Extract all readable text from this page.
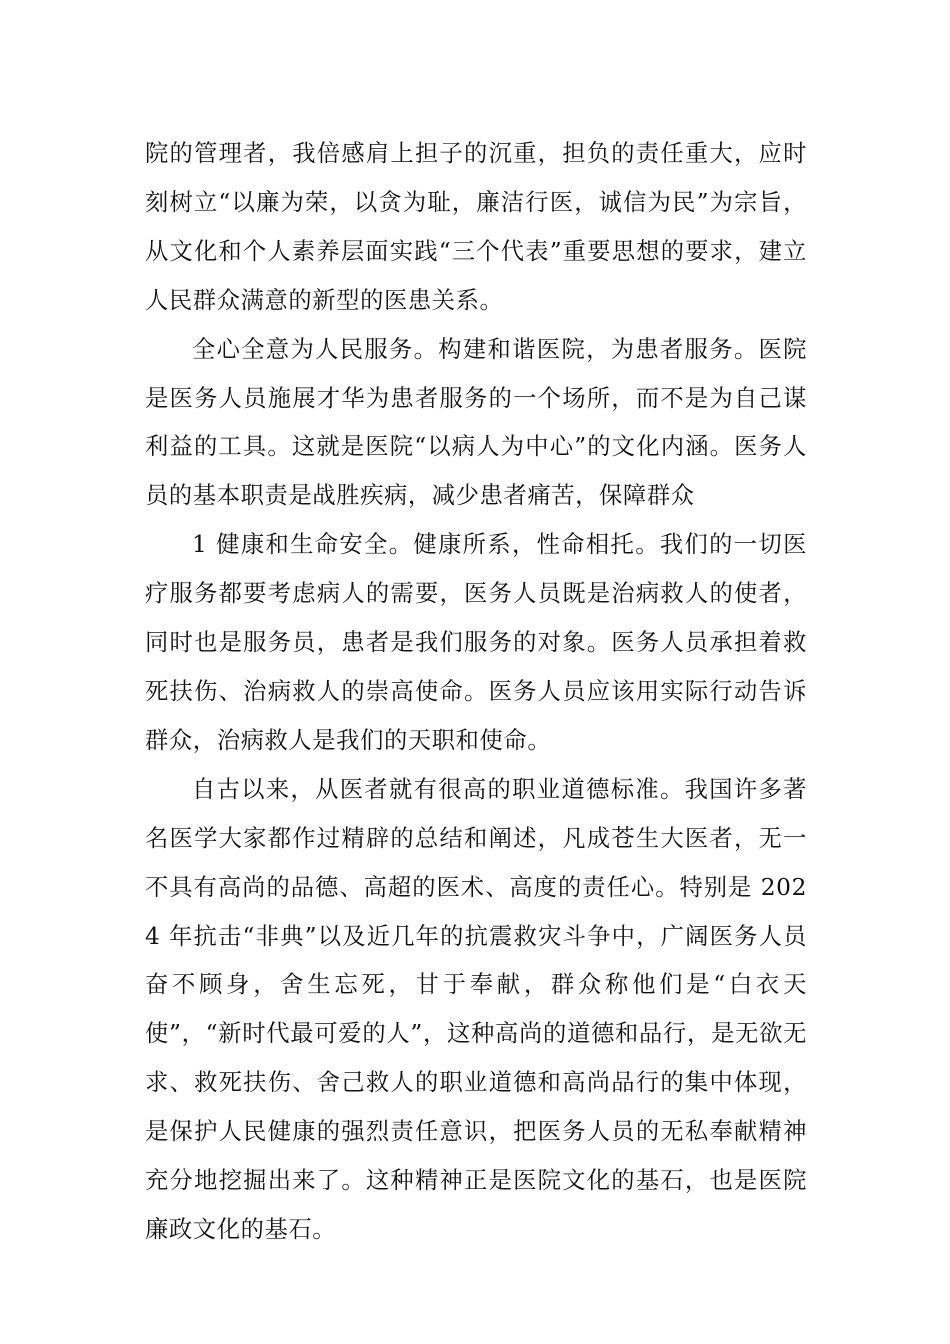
院的管理者，我倍感肩上担子的沉重，担负的责任重大，应时刻树立“以廉为荣，以贪为耻，廉洁行医，诚信为民”为宗旨，从文化和个人素养层面实践“三个代表”重要思想的要求，建立人民群众满意的新型的医患关系。

全心全意为人民服务。构建和谐医院，为患者服务。医院是医务人员施展才华为患者服务的一个场所，而不是为自己谋利益的工具。这就是医院“以病人为中心”的文化内涵。医务人员的基本职责是战胜疾病，减少患者痛苦，保障群众

1 健康和生命安全。健康所系，性命相托。我们的一切医疗服务都要考虑病人的需要，医务人员既是治病救人的使者，同时也是服务员，患者是我们服务的对象。医务人员承担着救死扶伤、治病救人的崇高使命。医务人员应该用实际行动告诉群众，治病救人是我们的天职和使命。

自古以来，从医者就有很高的职业道德标准。我国许多著名医学大家都作过精辟的总结和阐述，凡成苍生大医者，无一不具有高尚的品德、高超的医术、高度的责任心。特别是 2024 年抗击“非典”以及近几年的抗震救灾斗争中，广阔医务人员奋不顾身，舍生忘死，甘于奉献，群众称他们是“白衣天使”，“新时代最可爱的人”，这种高尚的道德和品行，是无欲无求、救死扶伤、舍己救人的职业道德和高尚品行的集中体现，是保护人民健康的强烈责任意识，把医务人员的无私奉献精神充分地挖掘出来了。这种精神正是医院文化的基石，也是医院廉政文化的基石。
